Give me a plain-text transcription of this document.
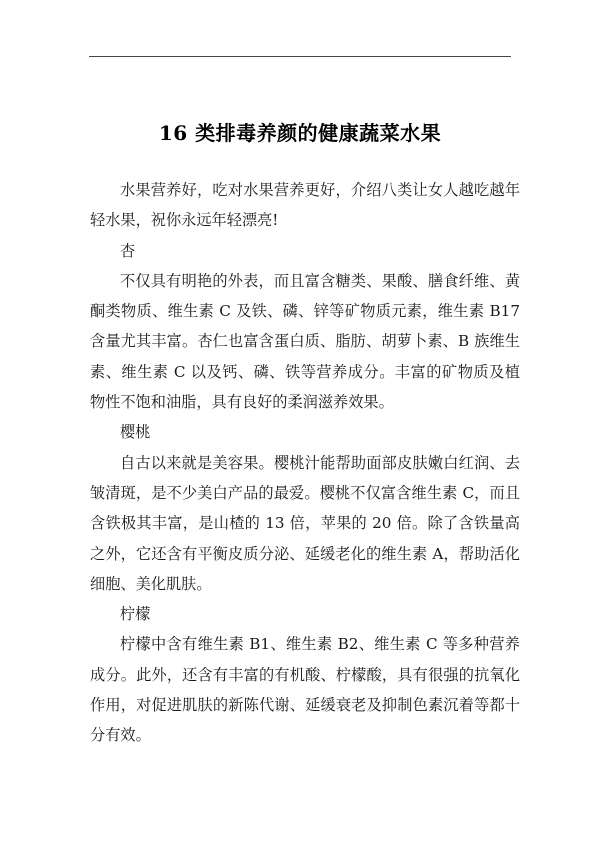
16 类排毒养颜的健康蔬菜水果

水果营养好，吃对水果营养更好，介绍八类让女人越吃越年轻水果，祝你永远年轻漂亮!

杏

不仅具有明艳的外表，而且富含糖类、果酸、膳食纤维、黄酮类物质、维生素 C 及铁、磷、锌等矿物质元素，维生素 B17 含量尤其丰富。杏仁也富含蛋白质、脂肪、胡萝卜素、B 族维生素、维生素 C 以及钙、磷、铁等营养成分。丰富的矿物质及植物性不饱和油脂，具有良好的柔润滋养效果。

樱桃

自古以来就是美容果。樱桃汁能帮助面部皮肤嫩白红润、去皱清斑，是不少美白产品的最爱。樱桃不仅富含维生素 C，而且含铁极其丰富，是山楂的 13 倍，苹果的 20 倍。除了含铁量高之外，它还含有平衡皮质分泌、延缓老化的维生素 A，帮助活化细胞、美化肌肤。

柠檬

柠檬中含有维生素 B1、维生素 B2、维生素 C 等多种营养成分。此外，还含有丰富的有机酸、柠檬酸，具有很强的抗氧化作用，对促进肌肤的新陈代谢、延缓衰老及抑制色素沉着等都十分有效。
